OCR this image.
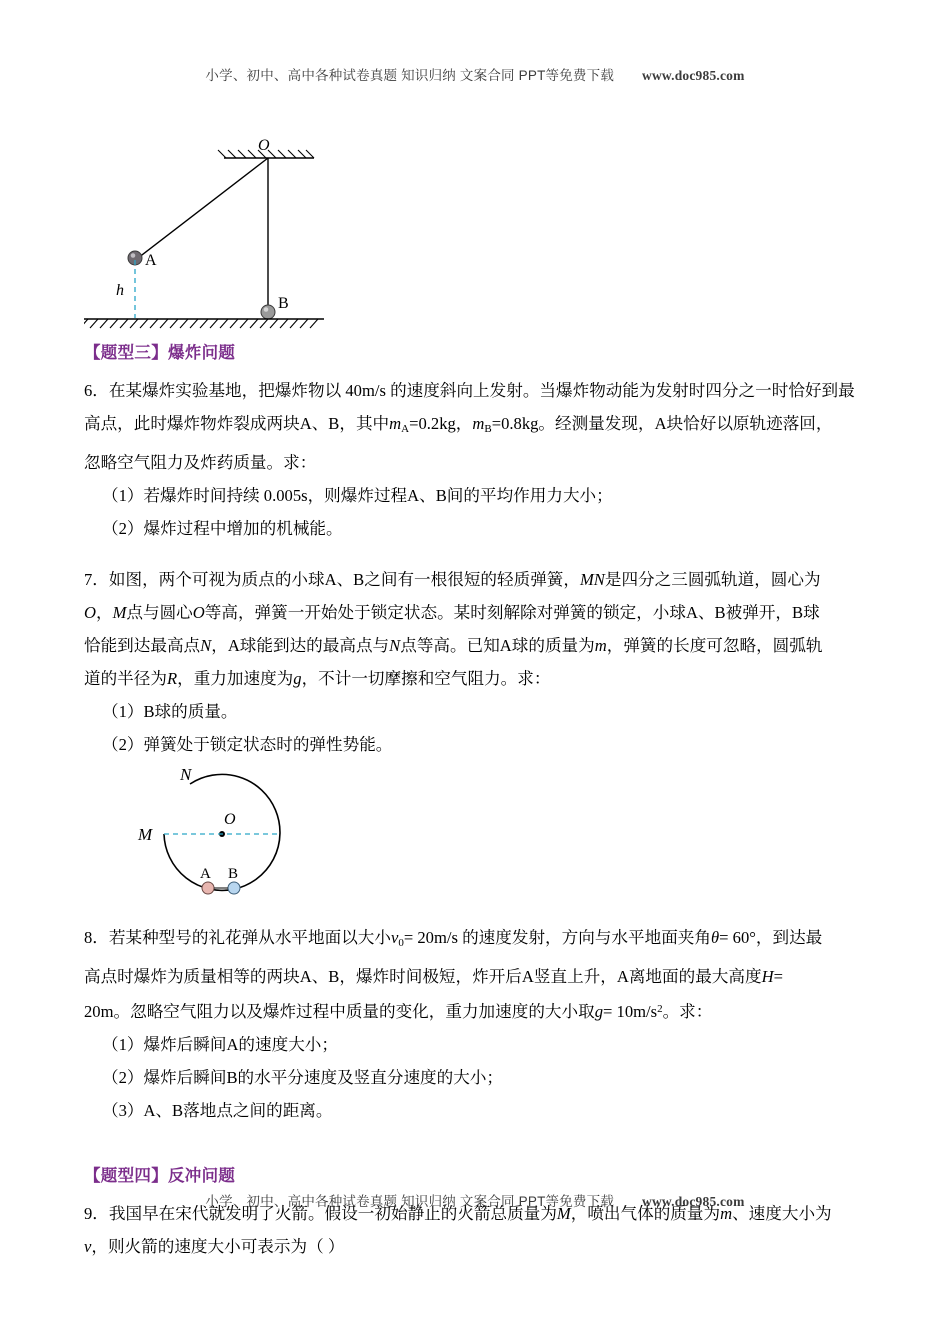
小学、初中、高中各种试卷真题 知识归纳 文案合同 PPT等免费下载 www.doc985.com
O
A
B
h
【题型三】爆炸问题

6．在某爆炸实验基地，把爆炸物以 40m/s 的速度斜向上发射。当爆炸物动能为发射时四分之一时恰好到最

高点，此时爆炸物炸裂成两块A、B，其中$m_A=0.2kg$，$m_B=0.8kg$。经测量发现，A块恰好以原轨迹落回，

忽略空气阻力及炸药质量。求：

（1）若爆炸时间持续 0.005s，则爆炸过程A、B间的平均作用力大小；

（2）爆炸过程中增加的机械能。

7．如图，两个可视为质点的小球A、B之间有一根很短的轻质弹簧，MN是四分之三圆弧轨道，圆心为

O，M点与圆心O等高，弹簧一开始处于锁定状态。某时刻解除对弹簧的锁定，小球A、B被弹开，B球

恰能到达最高点N，A球能到达的最高点与N点等高。已知A球的质量为m，弹簧的长度可忽略，圆弧轨

道的半径为R，重力加速度为g，不计一切摩擦和空气阻力。求：

（1）B球的质量。

（2）弹簧处于锁定状态时的弹性势能。

O
M
N
A B

8．若某种型号的礼花弹从水平地面以大小$v_0= 20m/s$ 的速度发射，方向与水平地面夹角θ= 60°，到达最

高点时爆炸为质量相等的两块A、B，爆炸时间极短，炸开后A竖直上升，A离地面的最大高度H=

20m。忽略空气阻力以及爆炸过程中质量的变化，重力加速度的大小取$g= 10m/s^2$。求：

（1）爆炸后瞬间A的速度大小；

（2）爆炸后瞬间B的水平分速度及竖直分速度的大小；

（3）A、B落地点之间的距离。

【题型四】反冲问题

9．我国早在宋代就发明了火箭。假设一初始静止的火箭总质量为M，喷出气体的质量为m、速度大小为

v，则火箭的速度大小可表示为（ ）

小学、初中、高中各种试卷真题 知识归纳 文案合同 PPT等免费下载 www.doc985.com
